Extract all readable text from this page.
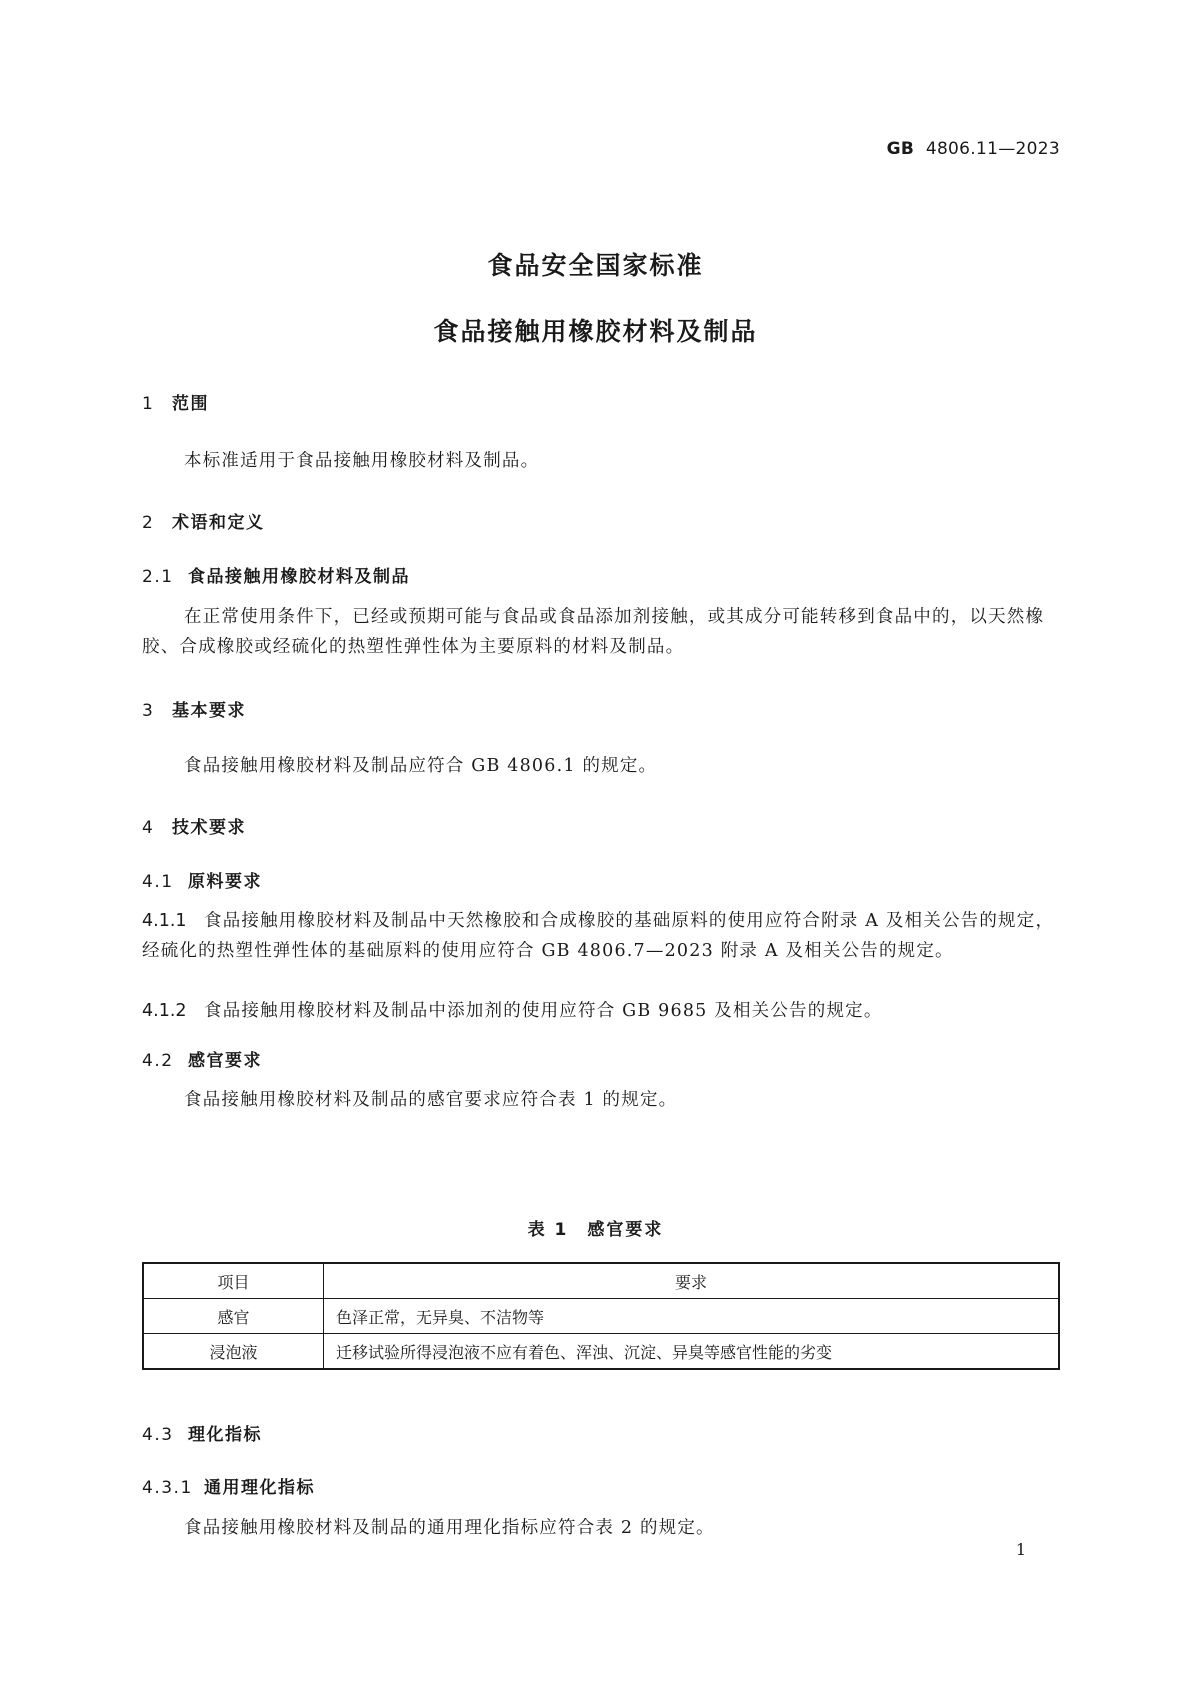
GB 4806.11—2023
食品安全国家标准
食品接触用橡胶材料及制品
1 范围
本标准适用于食品接触用橡胶材料及制品。
2 术语和定义
2.1 食品接触用橡胶材料及制品
在正常使用条件下，已经或预期可能与食品或食品添加剂接触，或其成分可能转移到食品中的，以天然橡胶、合成橡胶或经硫化的热塑性弹性体为主要原料的材料及制品。
3 基本要求
食品接触用橡胶材料及制品应符合 GB 4806.1 的规定。
4 技术要求
4.1 原料要求
4.1.1 食品接触用橡胶材料及制品中天然橡胶和合成橡胶的基础原料的使用应符合附录 A 及相关公告的规定，经硫化的热塑性弹性体的基础原料的使用应符合 GB 4806.7—2023 附录 A 及相关公告的规定。
4.1.2 食品接触用橡胶材料及制品中添加剂的使用应符合 GB 9685 及相关公告的规定。
4.2 感官要求
食品接触用橡胶材料及制品的感官要求应符合表 1 的规定。
表 1　感官要求
项目	要求
感官	色泽正常，无异臭、不洁物等
浸泡液	迁移试验所得浸泡液不应有着色、浑浊、沉淀、异臭等感官性能的劣变
4.3 理化指标
4.3.1 通用理化指标
食品接触用橡胶材料及制品的通用理化指标应符合表 2 的规定。
1
